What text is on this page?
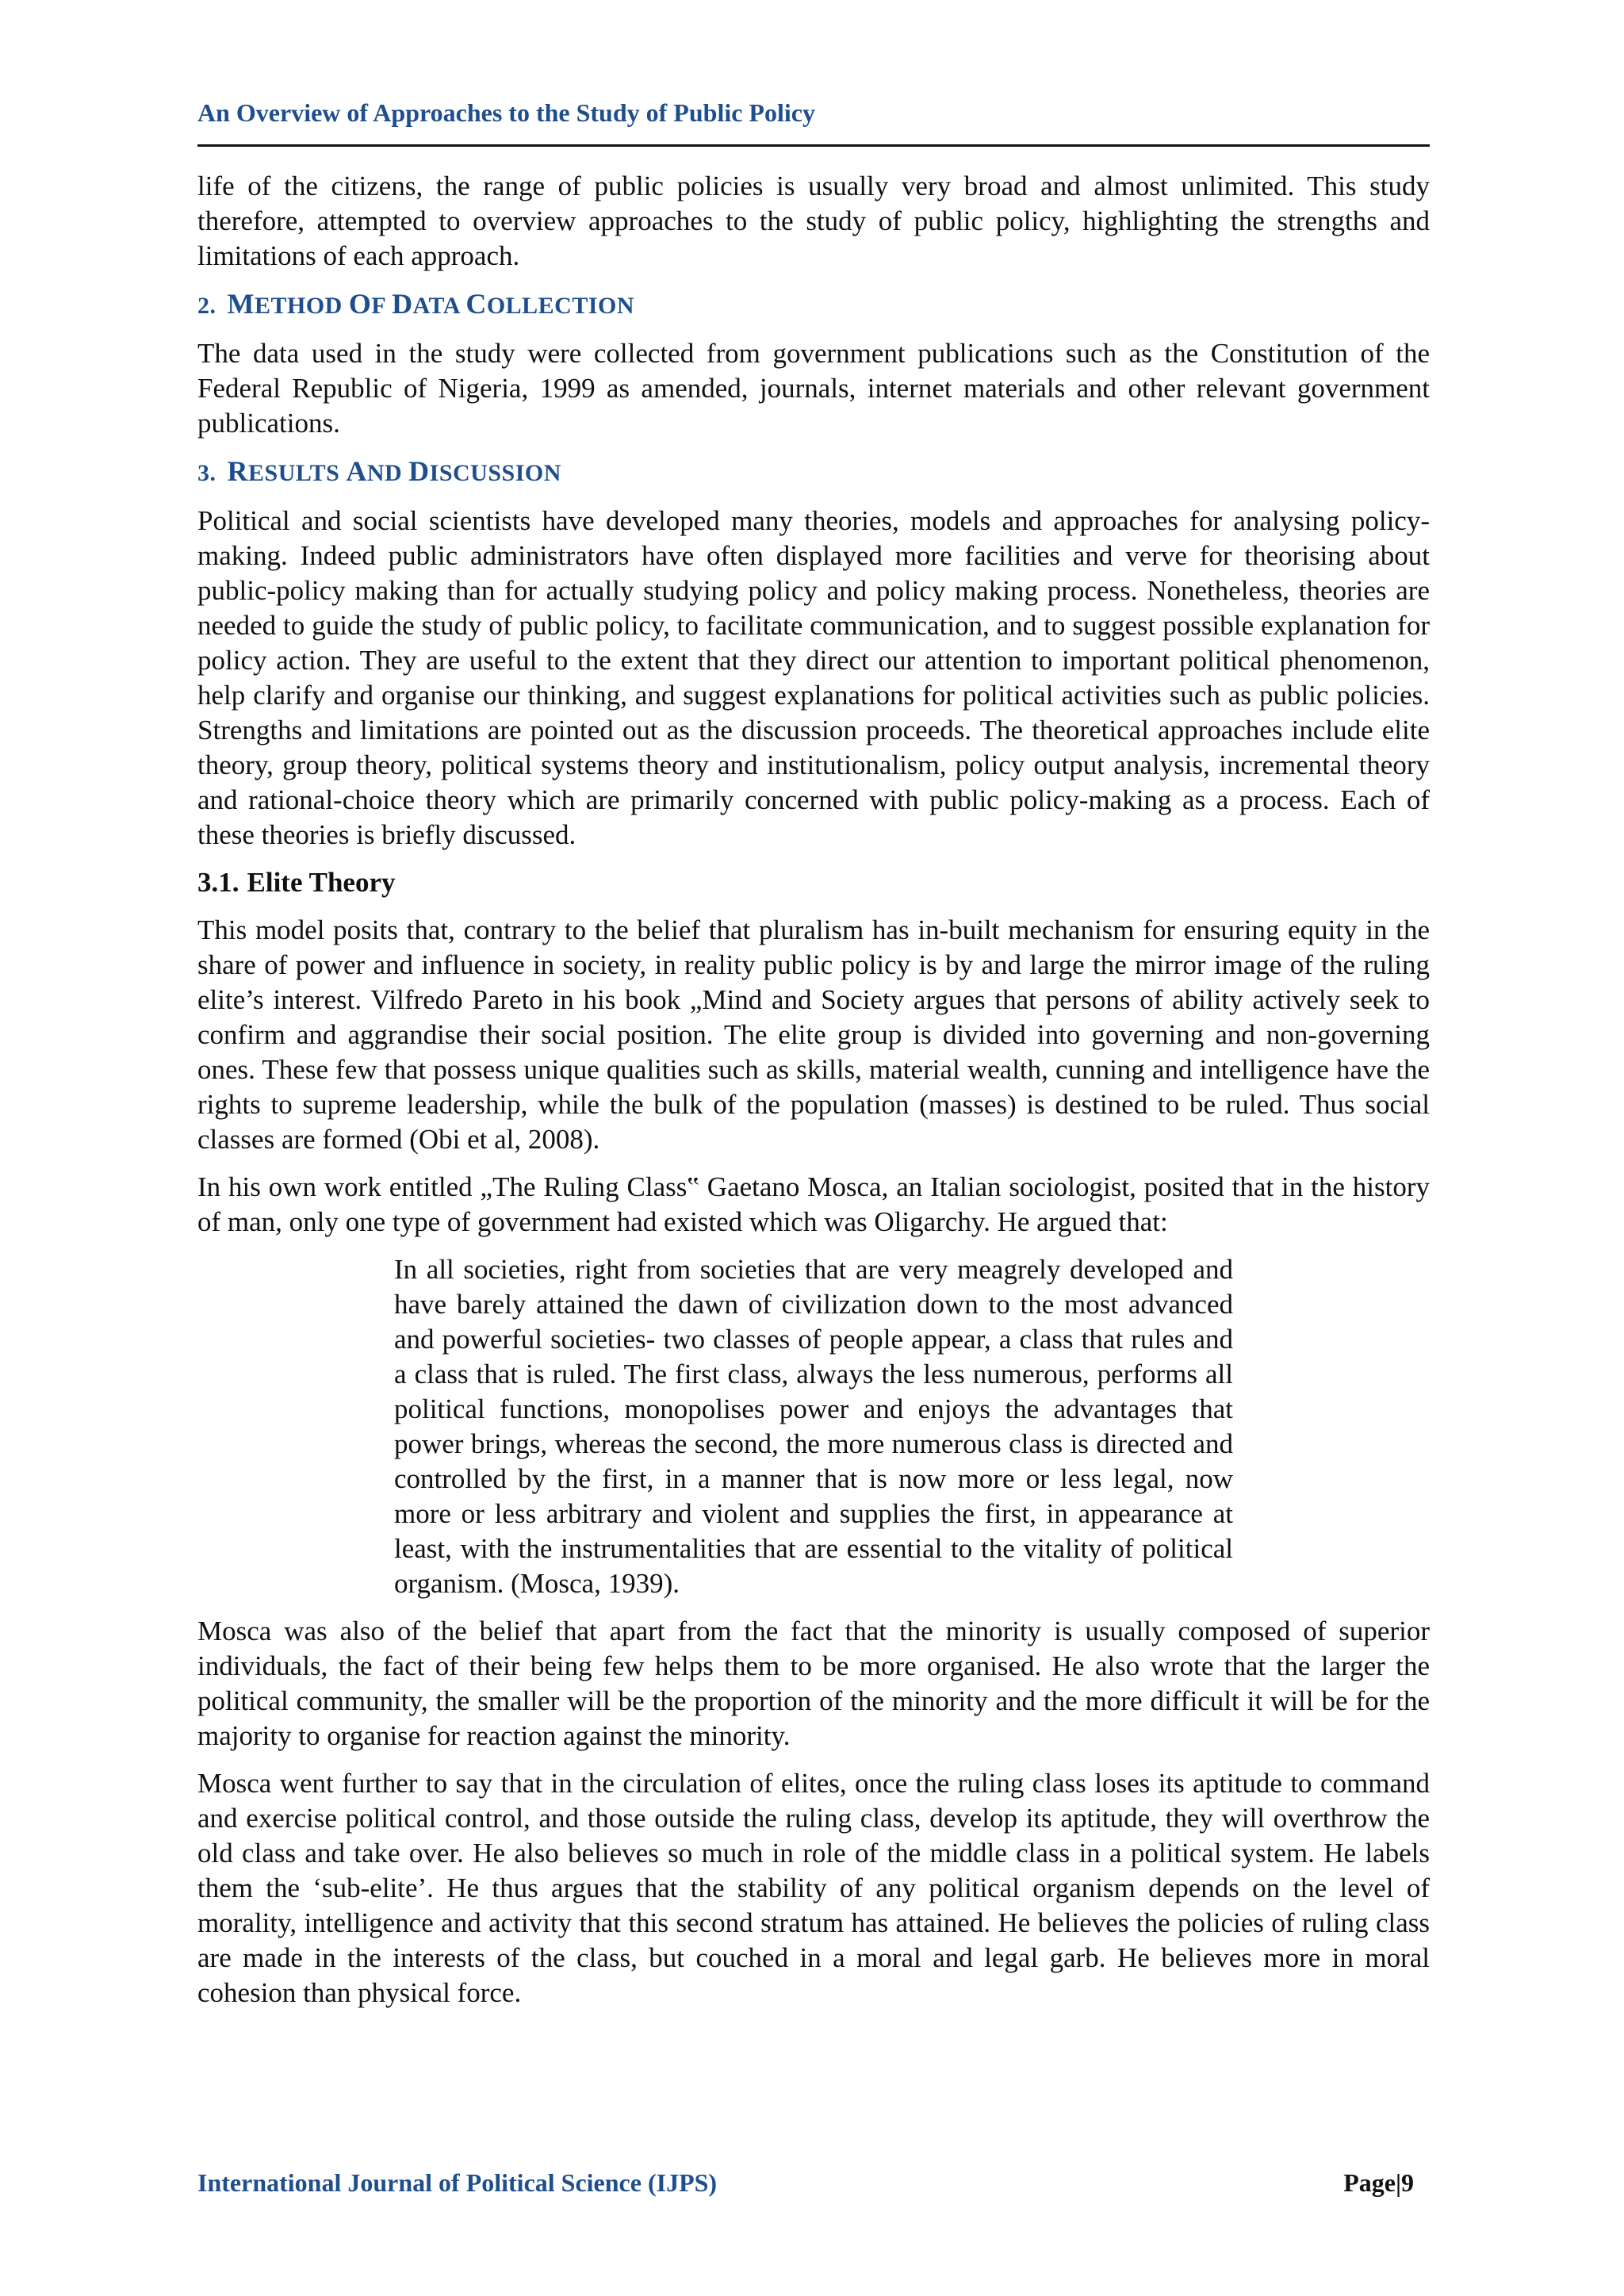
An Overview of Approaches to the Study of Public Policy

life of the citizens, the range of public policies is usually very broad and almost unlimited. This study therefore, attempted to overview approaches to the study of public policy, highlighting the strengths and limitations of each approach.

2. METHOD OF DATA COLLECTION

The data used in the study were collected from government publications such as the Constitution of the Federal Republic of Nigeria, 1999 as amended, journals, internet materials and other relevant government publications.

3. RESULTS AND DISCUSSION

Political and social scientists have developed many theories, models and approaches for analysing policy-making. Indeed public administrators have often displayed more facilities and verve for theorising about public-policy making than for actually studying policy and policy making process. Nonetheless, theories are needed to guide the study of public policy, to facilitate communication, and to suggest possible explanation for policy action. They are useful to the extent that they direct our attention to important political phenomenon, help clarify and organise our thinking, and suggest explanations for political activities such as public policies. Strengths and limitations are pointed out as the discussion proceeds. The theoretical approaches include elite theory, group theory, political systems theory and institutionalism, policy output analysis, incremental theory and rational-choice theory which are primarily concerned with public policy-making as a process. Each of these theories is briefly discussed.

3.1. Elite Theory

This model posits that, contrary to the belief that pluralism has in-built mechanism for ensuring equity in the share of power and influence in society, in reality public policy is by and large the mirror image of the ruling elite’s interest. Vilfredo Pareto in his book „Mind and Society argues that persons of ability actively seek to confirm and aggrandise their social position. The elite group is divided into governing and non-governing ones. These few that possess unique qualities such as skills, material wealth, cunning and intelligence have the rights to supreme leadership, while the bulk of the population (masses) is destined to be ruled. Thus social classes are formed (Obi et al, 2008).

In his own work entitled „The Ruling Class‟ Gaetano Mosca, an Italian sociologist, posited that in the history of man, only one type of government had existed which was Oligarchy. He argued that:

In all societies, right from societies that are very meagrely developed and have barely attained the dawn of civilization down to the most advanced and powerful societies- two classes of people appear, a class that rules and a class that is ruled. The first class, always the less numerous, performs all political functions, monopolises power and enjoys the advantages that power brings, whereas the second, the more numerous class is directed and controlled by the first, in a manner that is now more or less legal, now more or less arbitrary and violent and supplies the first, in appearance at least, with the instrumentalities that are essential to the vitality of political organism. (Mosca, 1939).

Mosca was also of the belief that apart from the fact that the minority is usually composed of superior individuals, the fact of their being few helps them to be more organised. He also wrote that the larger the political community, the smaller will be the proportion of the minority and the more difficult it will be for the majority to organise for reaction against the minority.

Mosca went further to say that in the circulation of elites, once the ruling class loses its aptitude to command and exercise political control, and those outside the ruling class, develop its aptitude, they will overthrow the old class and take over. He also believes so much in role of the middle class in a political system. He labels them the ‘sub-elite’. He thus argues that the stability of any political organism depends on the level of morality, intelligence and activity that this second stratum has attained. He believes the policies of ruling class are made in the interests of the class, but couched in a moral and legal garb. He believes more in moral cohesion than physical force.

International Journal of Political Science (IJPS)	Page|9
